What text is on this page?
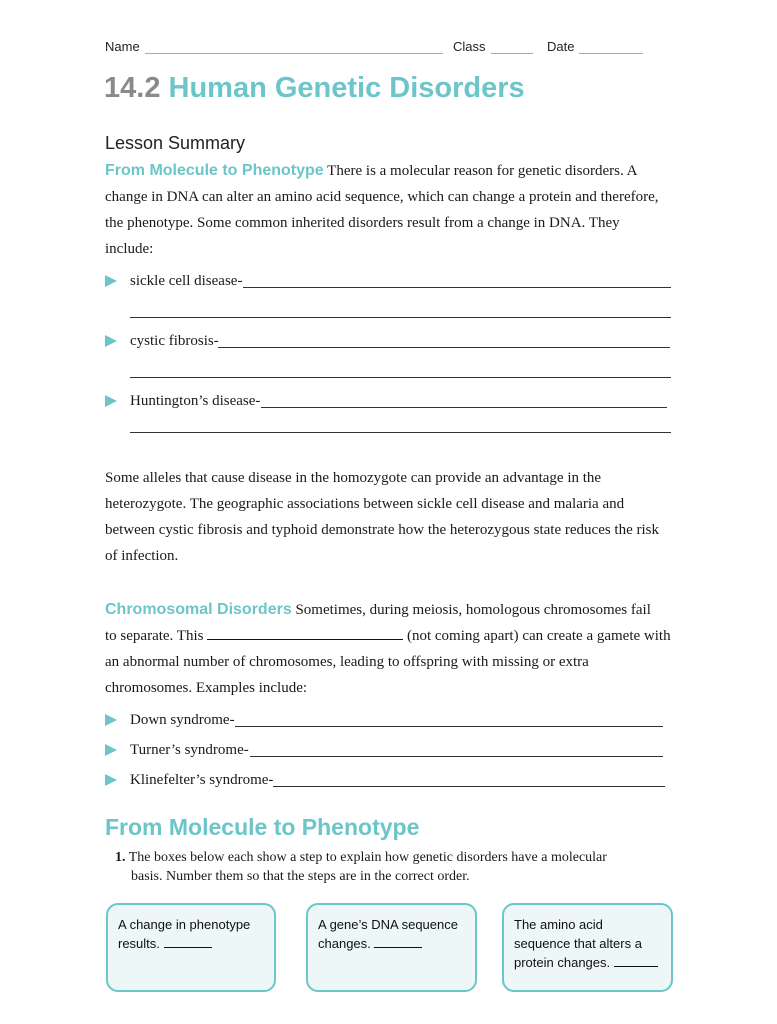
Name	Class	Date
14.2 Human Genetic Disorders
Lesson Summary
From Molecule to Phenotype There is a molecular reason for genetic disorders. A
change in DNA can alter an amino acid sequence, which can change a protein and therefore,
the phenotype. Some common inherited disorders result from a change in DNA. They
include:
sickle cell disease-
cystic fibrosis-
Huntington’s disease-
Some alleles that cause disease in the homozygote can provide an advantage in the
heterozygote. The geographic associations between sickle cell disease and malaria and
between cystic fibrosis and typhoid demonstrate how the heterozygous state reduces the risk
of infection.
Chromosomal Disorders Sometimes, during meiosis, homologous chromosomes fail
to separate. This	(not coming apart) can create a gamete with
an abnormal number of chromosomes, leading to offspring with missing or extra
chromosomes. Examples include:
Down syndrome-
Turner’s syndrome-
Klinefelter’s syndrome-
From Molecule to Phenotype
1. The boxes below each show a step to explain how genetic disorders have a molecular
basis. Number them so that the steps are in the correct order.
A change in phenotype
results.
A gene’s DNA sequence
changes.
The amino acid
sequence that alters a
protein changes.
